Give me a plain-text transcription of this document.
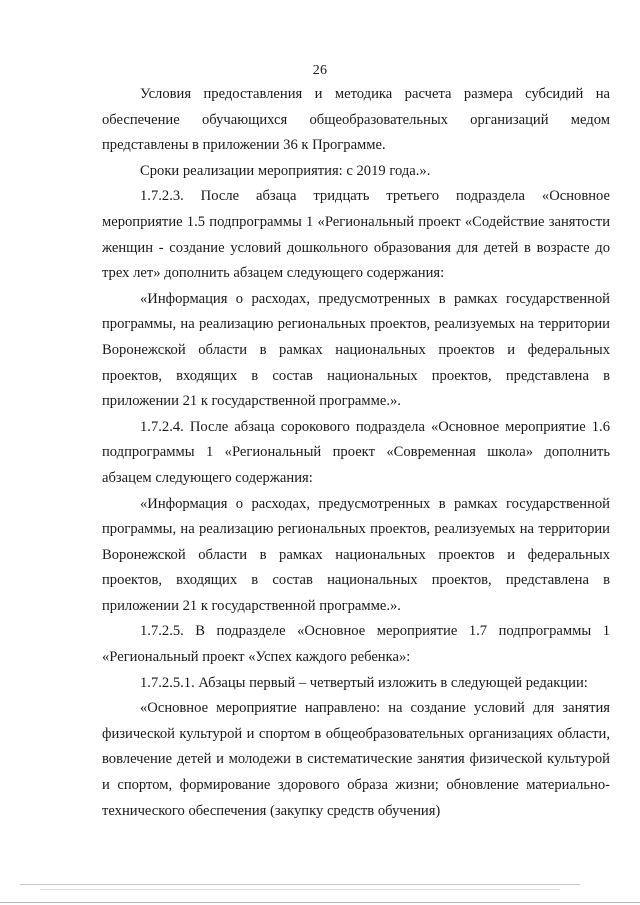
26

Условия предоставления и методика расчета размера субсидий на обеспечение обучающихся общеобразовательных организаций медом представлены в приложении 36 к Программе.

Сроки реализации мероприятия: с 2019 года.».

1.7.2.3. После абзаца тридцать третьего подраздела «Основное мероприятие 1.5 подпрограммы 1 «Региональный проект «Содействие занятости женщин - создание условий дошкольного образования для детей в возрасте до трех лет» дополнить абзацем следующего содержания:

«Информация о расходах, предусмотренных в рамках государственной программы, на реализацию региональных проектов, реализуемых на территории Воронежской области в рамках национальных проектов и федеральных проектов, входящих в состав национальных проектов, представлена в приложении 21 к государственной программе.».

1.7.2.4. После абзаца сорокового подраздела «Основное мероприятие 1.6 подпрограммы 1 «Региональный проект «Современная школа» дополнить абзацем следующего содержания:

«Информация о расходах, предусмотренных в рамках государственной программы, на реализацию региональных проектов, реализуемых на территории Воронежской области в рамках национальных проектов и федеральных проектов, входящих в состав национальных проектов, представлена в приложении 21 к государственной программе.».

1.7.2.5. В подразделе «Основное мероприятие 1.7 подпрограммы 1 «Региональный проект «Успех каждого ребенка»:

1.7.2.5.1. Абзацы первый – четвертый изложить в следующей редакции:

«Основное мероприятие направлено: на создание условий для занятия физической культурой и спортом в общеобразовательных организациях области, вовлечение детей и молодежи в систематические занятия физической культурой и спортом, формирование здорового образа жизни; обновление материально-технического обеспечения (закупку средств обучения)
